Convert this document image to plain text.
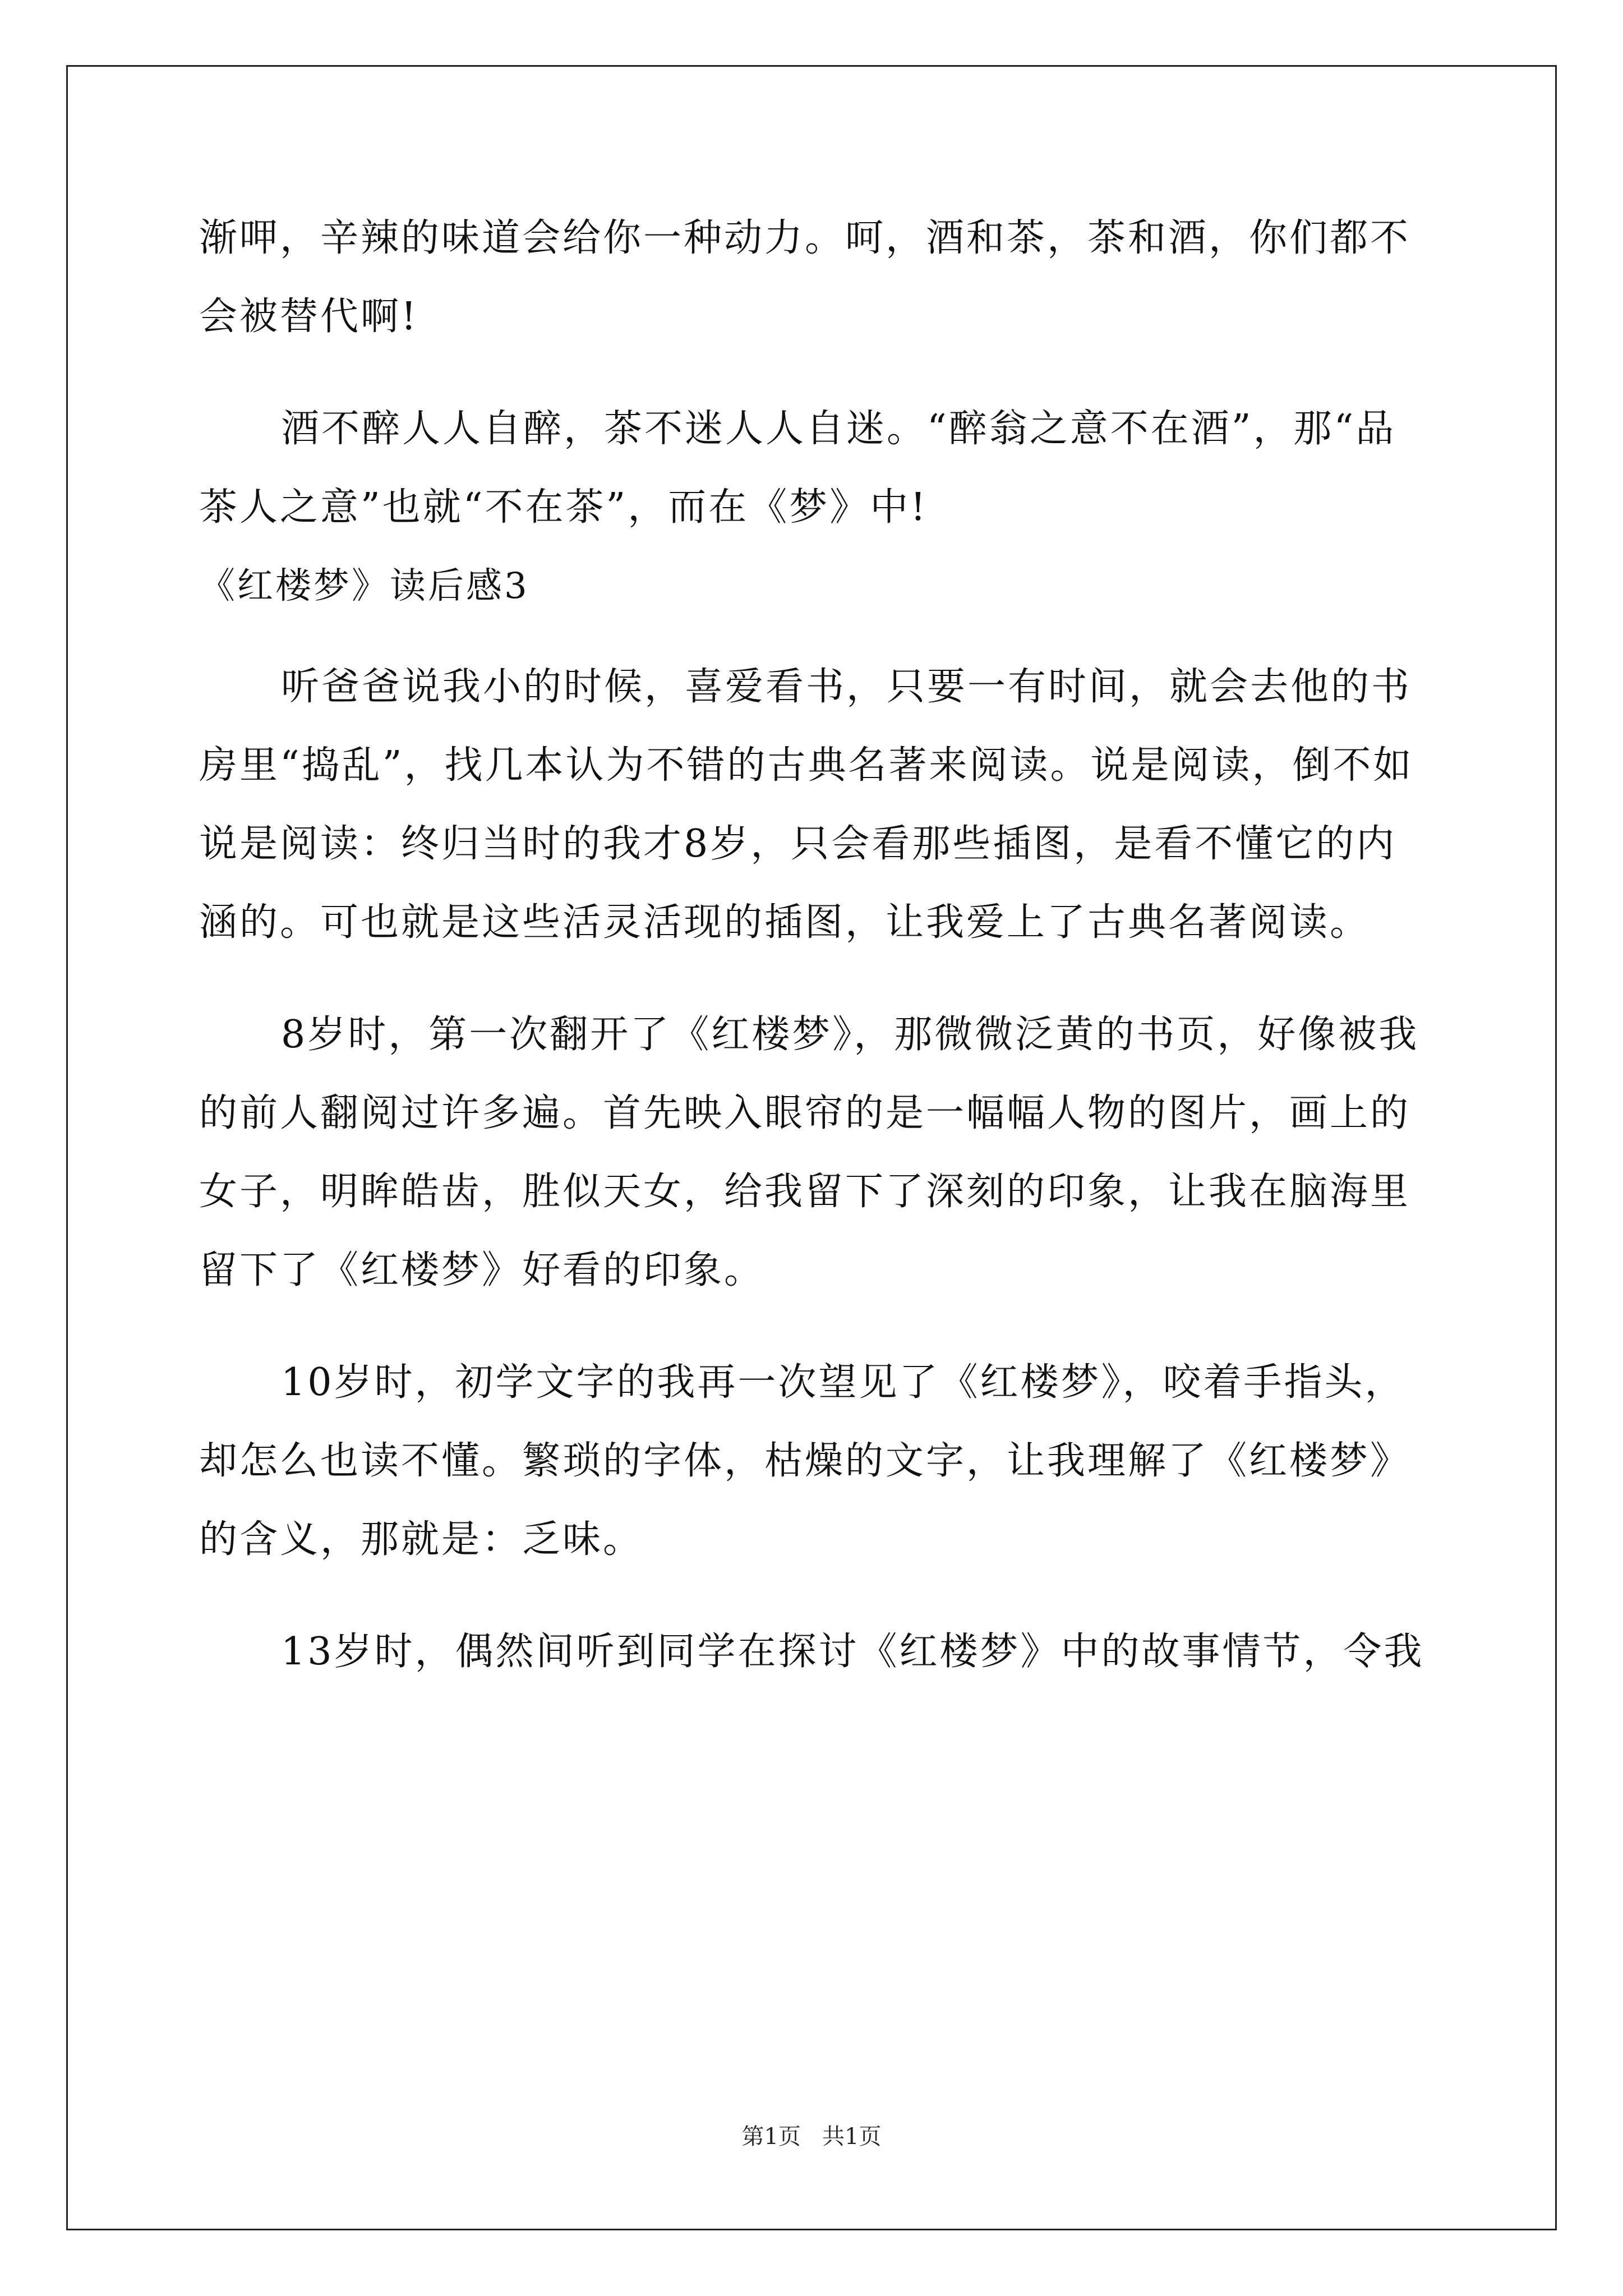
渐呷，辛辣的味道会给你一种动力。呵，酒和茶，茶和酒，你们都不
会被替代啊!
酒不醉人人自醉，茶不迷人人自迷。“醉翁之意不在酒”，那“品
茶人之意”也就“不在茶”，而在《梦》中!
《红楼梦》读后感3
听爸爸说我小的时候，喜爱看书，只要一有时间，就会去他的书
房里“捣乱”，找几本认为不错的古典名著来阅读。说是阅读，倒不如
说是阅读：终归当时的我才8岁，只会看那些插图，是看不懂它的内
涵的。可也就是这些活灵活现的插图，让我爱上了古典名著阅读。
8岁时，第一次翻开了《红楼梦》，那微微泛黄的书页，好像被我
的前人翻阅过许多遍。首先映入眼帘的是一幅幅人物的图片，画上的
女子，明眸皓齿，胜似天女，给我留下了深刻的印象，让我在脑海里
留下了《红楼梦》好看的印象。
10岁时，初学文字的我再一次望见了《红楼梦》，咬着手指头，
却怎么也读不懂。繁琐的字体，枯燥的文字，让我理解了《红楼梦》
的含义，那就是：乏味。
13岁时，偶然间听到同学在探讨《红楼梦》中的故事情节，令我
第1页   共1页
